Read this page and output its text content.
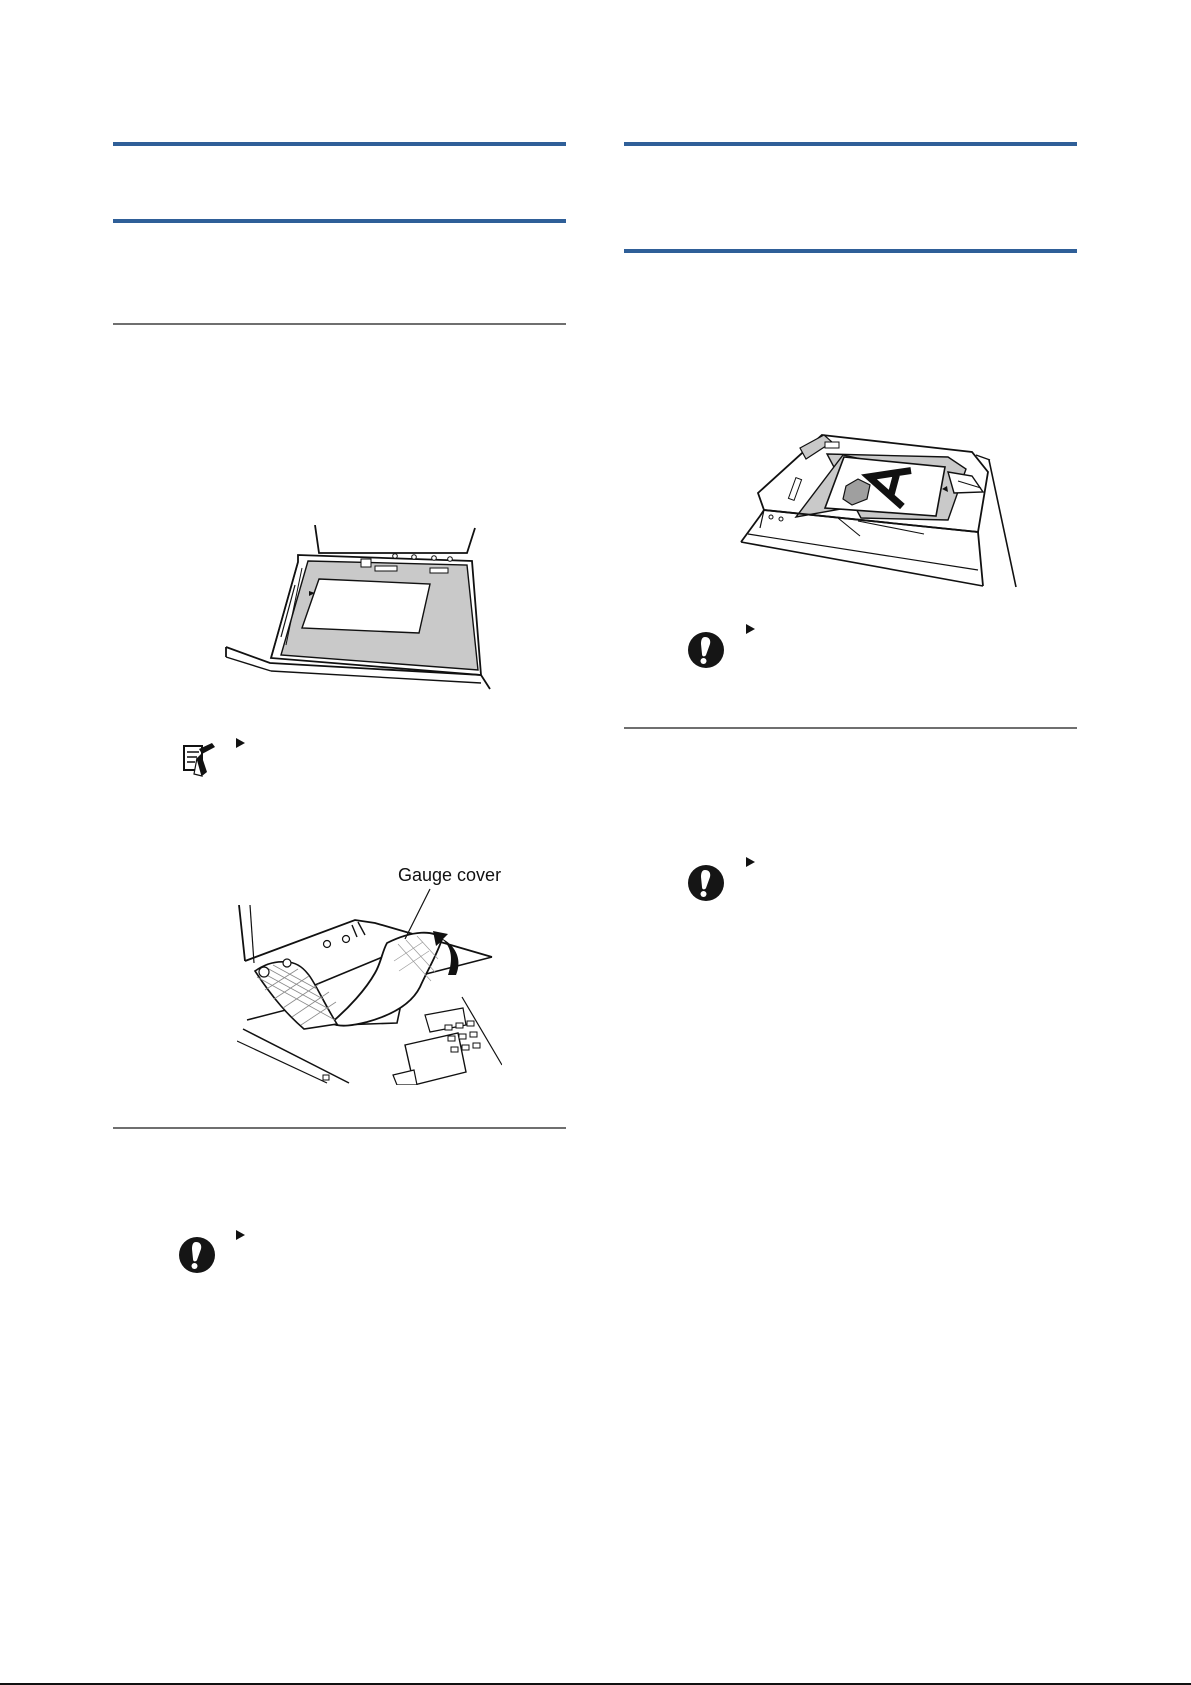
Gauge cover
